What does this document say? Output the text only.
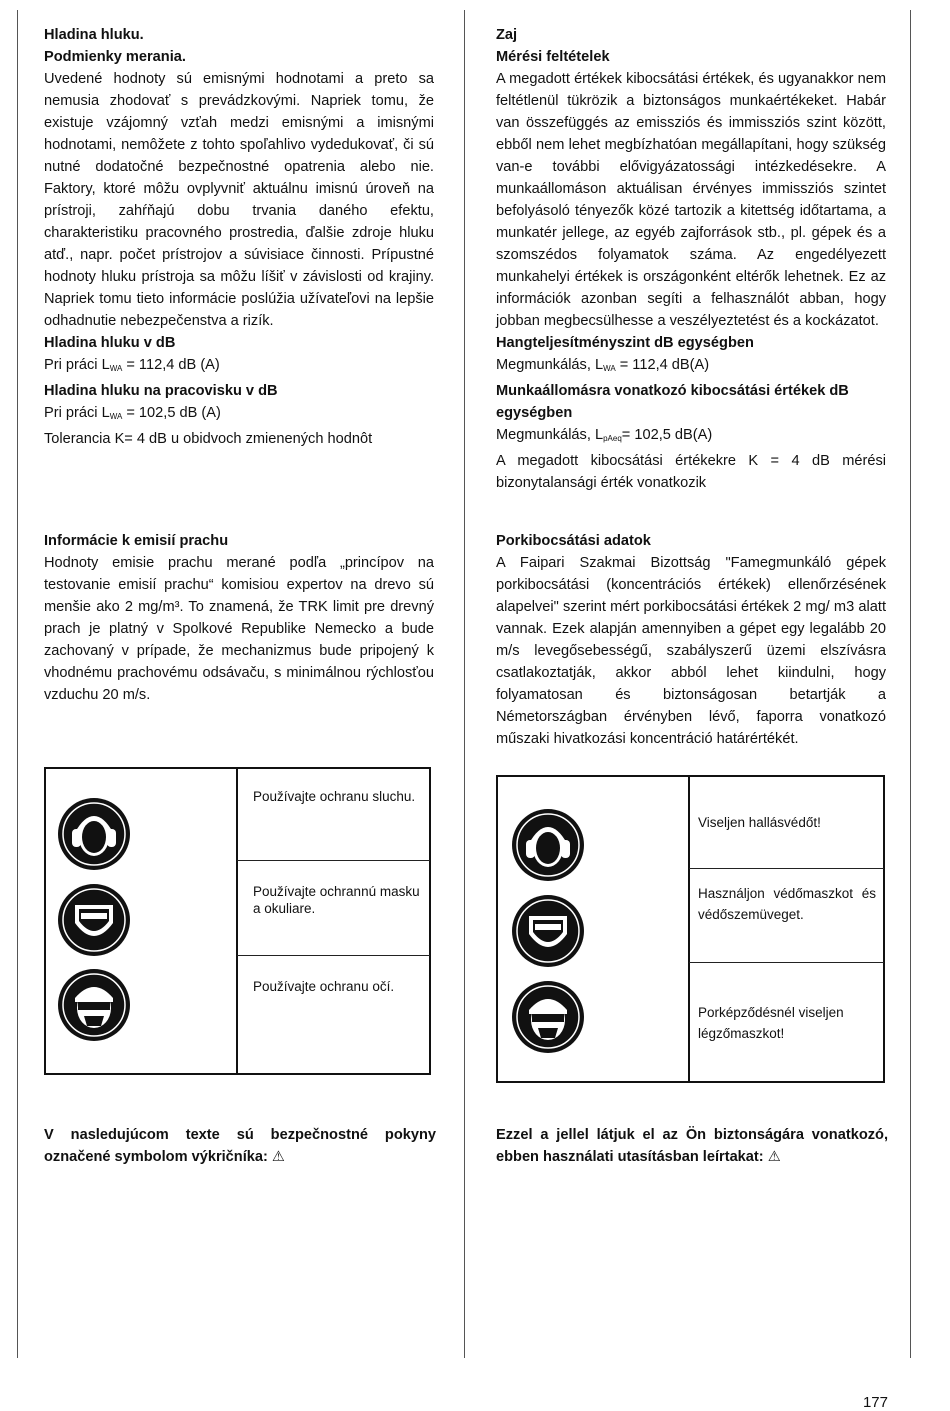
Hladina hluku.

Podmienky merania.

Uvedené hodnoty sú emisnými hodnotami a preto sa nemusia zhodovať s prevádzkovými. Napriek tomu, že existuje vzájomný vzťah medzi emisnými a imisnými hodnotami, nemôžete z tohto spoľahlivo vydedukovať, či sú nutné dodatočné bezpečnostné opatrenia alebo nie. Faktory, ktoré môžu ovplyvniť aktuálnu imisnú úroveň na prístroji, zahŕňajú dobu trvania daného efektu, charakteristiku pracovného prostredia, ďalšie zdroje hluku atď., napr. počet prístrojov a súvisiace činnosti. Prípustné hodnoty hluku prístroja sa môžu líšiť v závislosti od krajiny. Napriek tomu tieto informácie poslúžia užívateľovi na lepšie odhadnutie nebezpečenstva a rizík.

Hladina hluku v dB

Pri práci $L_{WA} = 112,4$ dB (A)

Hladina hluku na pracovisku v dB

Pri práci $L_{WA} = 102,5$ dB (A)

Tolerancia K= 4 dB u obidvoch zmienených hodnôt

Informácie k emisií prachu

Hodnoty emisie prachu merané podľa „princípov na testovanie emisií prachu“ komisiou expertov na drevo sú menšie ako 2 mg/m³. To znamená, že TRK limit pre drevný prach je platný v Spolkové Republike Nemecko a bude zachovaný v prípade, že mechanizmus bude pripojený k vhodnému prachovému odsávaču, s minimálnou rýchlosťou vzduchu 20 m/s.

Používajte ochranu sluchu.
Používajte ochrannú masku a okuliare.
Používajte ochranu očí.
V nasledujúcom texte sú bezpečnostné pokyny označené symbolom výkričníka: ⚠

Zaj

Mérési feltételek

A megadott értékek kibocsátási értékek, és ugyanakkor nem feltétlenül tükrözik a biztonságos munkaértékeket. Habár van összefüggés az emissziós és immissziós szint között, ebből nem lehet megbízhatóan megállapítani, hogy szükség van-e további elővigyázatossági intézkedésekre. A munkaállomáson aktuálisan érvényes immissziós szintet befolyásoló tényezők közé tartozik a kitettség időtartama, a munkatér jellege, az egyéb zajforrások stb., pl. gépek és a szomszédos folyamatok száma. Az engedélyezett munkahelyi értékek is országonként eltérők lehetnek. Ez az információk azonban segíti a felhasználót abban, hogy jobban megbecsülhesse a veszélyeztetést és a kockázatot.

Hangteljesítményszint dB egységben

Megmunkálás, $L_{WA} = 112,4$ dB(A)

Munkaállomásra vonatkozó kibocsátási értékek dB egységben

Megmunkálás, $L_{pAeq}= 102,5$ dB(A)

A megadott kibocsátási értékekre K = 4 dB mérési bizonytalansági érték vonatkozik

Porkibocsátási adatok

A Faipari Szakmai Bizottság "Famegmunkáló gépek porkibocsátási (koncentrációs értékek) ellenőrzésének alapelvei" szerint mért porkibocsátási értékek 2 mg/ m3 alatt vannak. Ezek alapján amennyiben a gépet egy legalább 20 m/s levegősebességű, szabályszerű üzemi elszívásra csatlakoztatják, akkor abból lehet kiindulni, hogy folyamatosan és biztonságosan betartják a Németországban érvényben lévő, faporra vonatkozó műszaki hivatkozási koncentráció határértékét.

Viseljen hallásvédőt!
Használjon védőmaszkot és védőszemüveget.
Porképződésnél viseljen légzőmaszkot!
Ezzel a jellel látjuk el az Ön biztonságára vonatkozó, ebben használati utasításban leírtakat: ⚠
177
